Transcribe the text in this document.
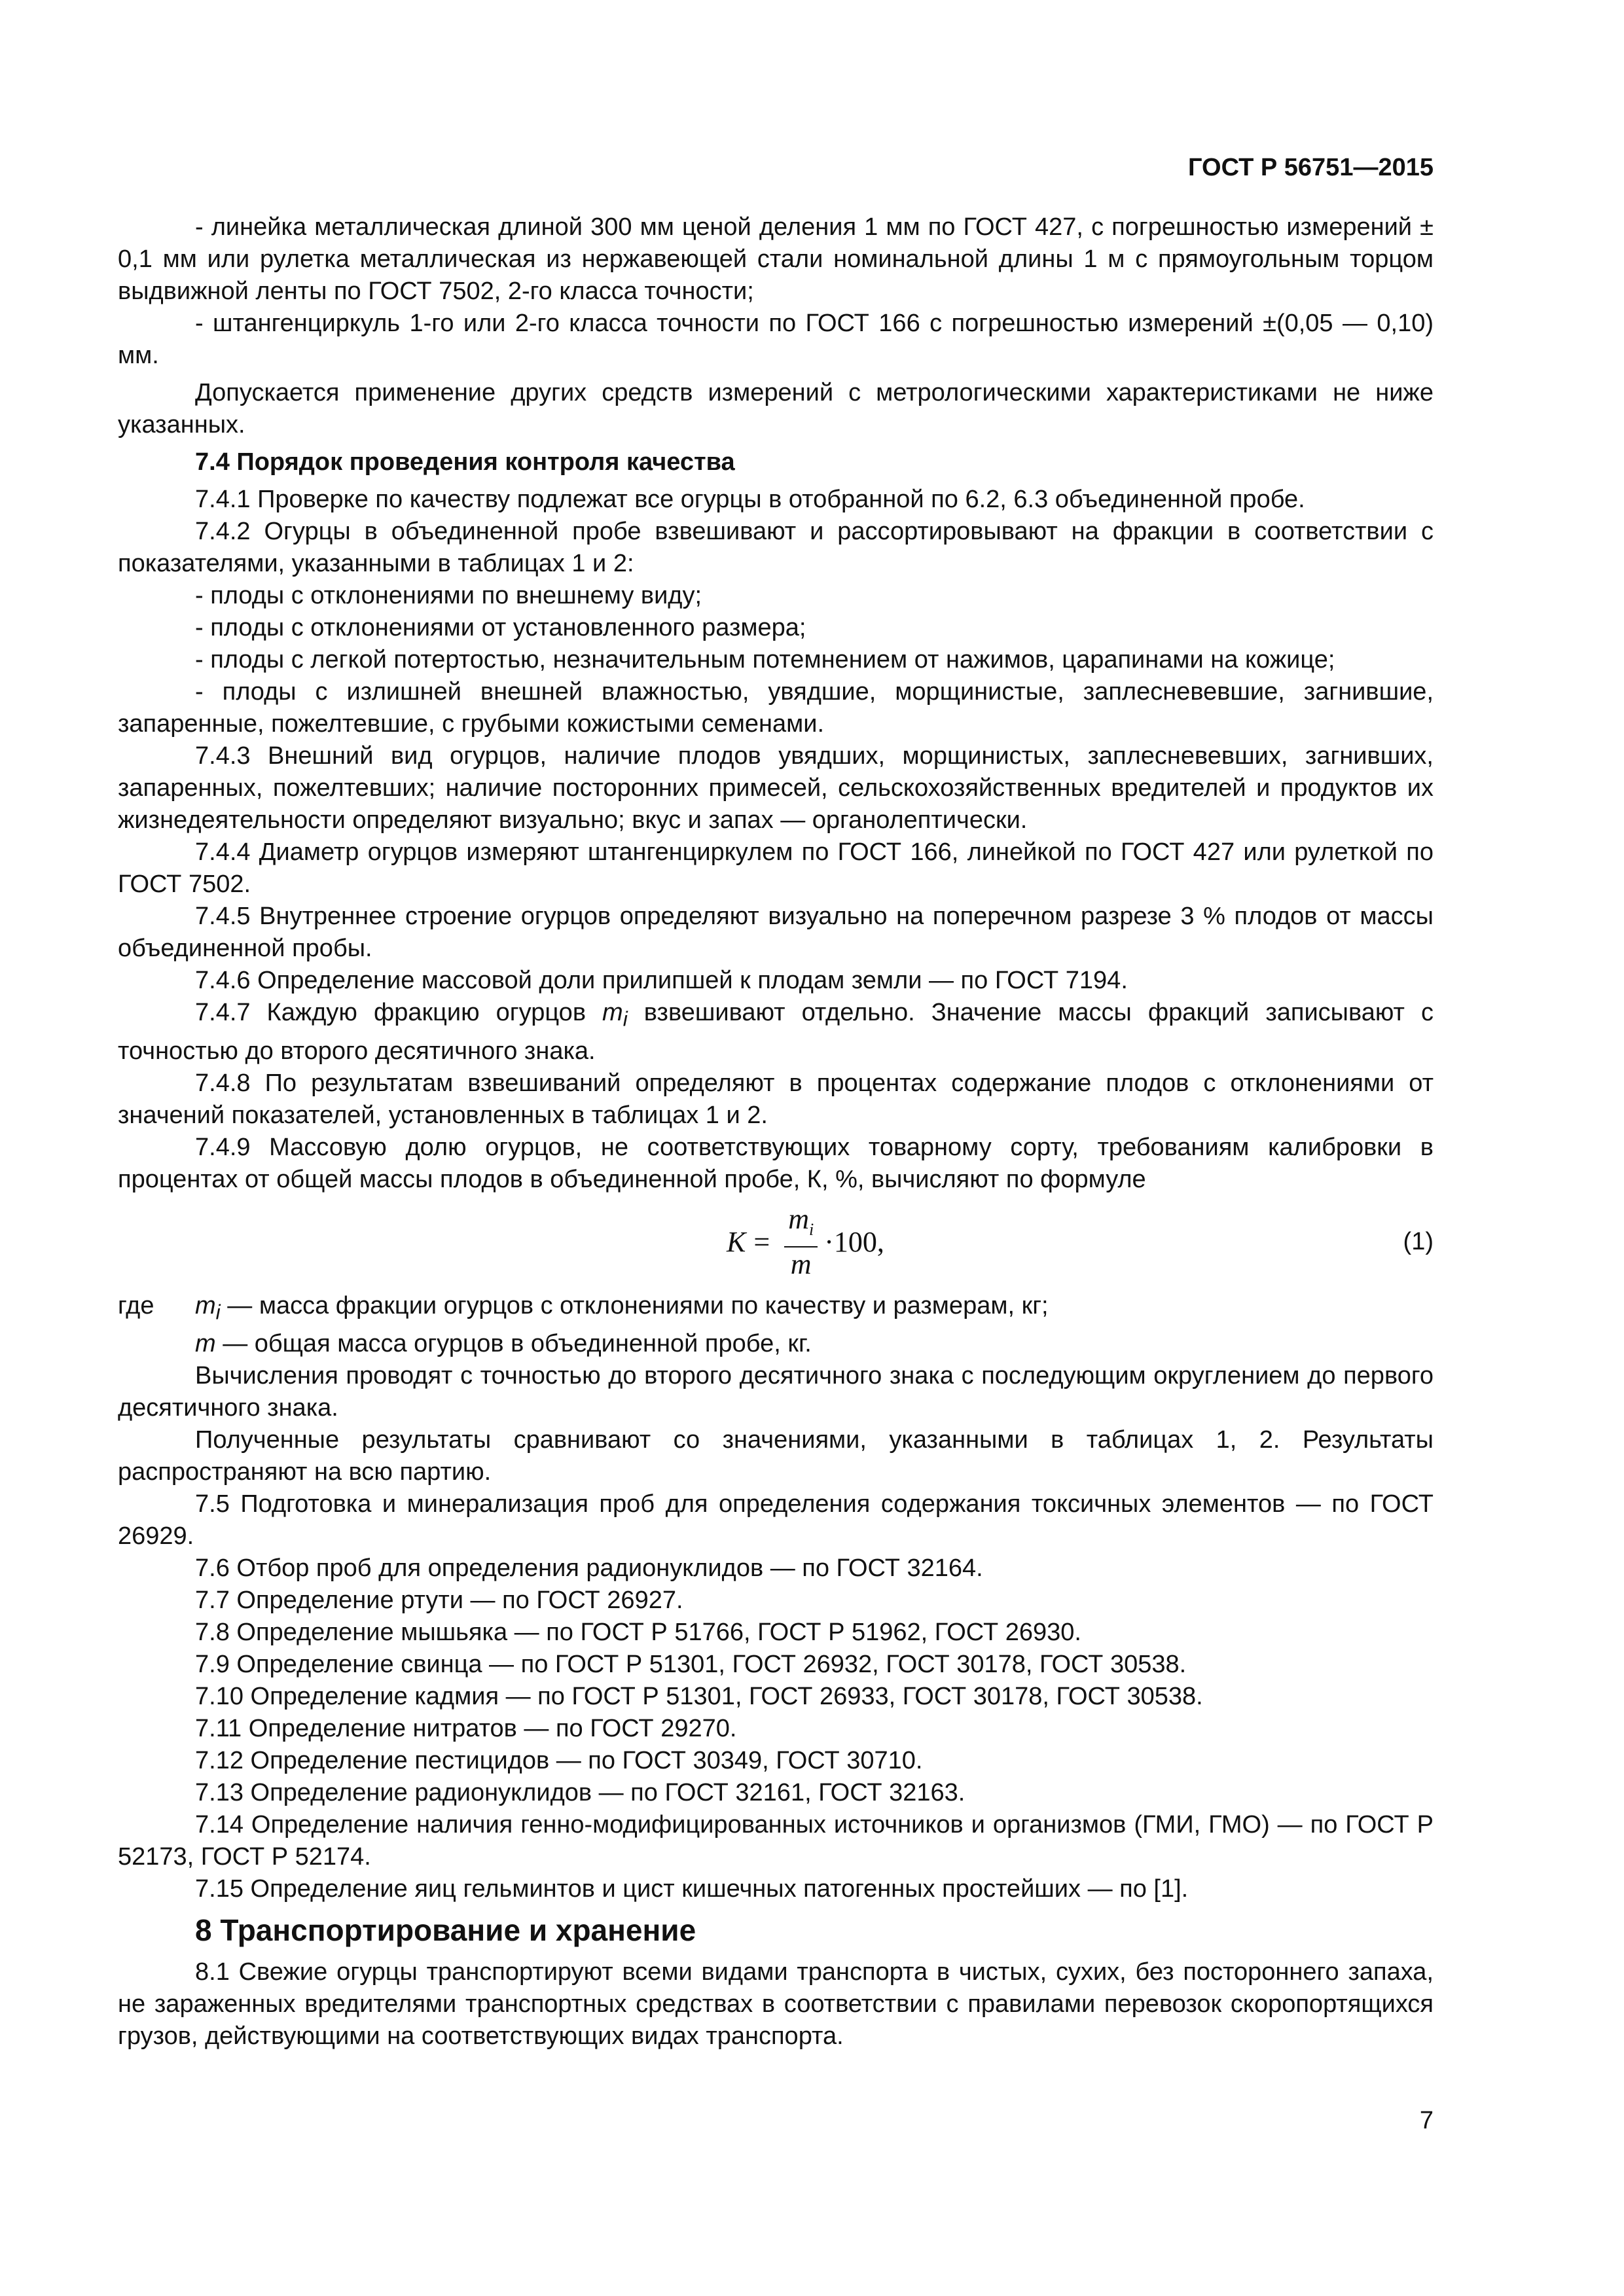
ГОСТ Р 56751—2015

- линейка металлическая длиной 300 мм ценой деления 1 мм по ГОСТ 427, с погрешностью измерений ± 0,1 мм или рулетка металлическая из нержавеющей стали номинальной длины 1 м с прямоугольным торцом выдвижной ленты по ГОСТ 7502, 2-го класса точности;

- штангенциркуль 1-го или 2-го класса точности по ГОСТ 166 с погрешностью измерений ±(0,05 — 0,10) мм.

Допускается применение других средств измерений с метрологическими характеристиками не ниже указанных.

7.4 Порядок проведения контроля качества

7.4.1 Проверке по качеству подлежат все огурцы в отобранной по 6.2, 6.3 объединенной пробе.

7.4.2 Огурцы в объединенной пробе взвешивают и рассортировывают на фракции в соответствии с показателями, указанными в таблицах 1 и 2:

- плоды с отклонениями по внешнему виду;

- плоды с отклонениями от установленного размера;

- плоды с легкой потертостью, незначительным потемнением от нажимов, царапинами на кожице;

- плоды с излишней внешней влажностью, увядшие, морщинистые, заплесневевшие, загнившие, запаренные, пожелтевшие, с грубыми кожистыми семенами.

7.4.3 Внешний вид огурцов, наличие плодов увядших, морщинистых, заплесневевших, загнивших, запаренных, пожелтевших; наличие посторонних примесей, сельскохозяйственных вредителей и продуктов их жизнедеятельности определяют визуально; вкус и запах — органолептически.

7.4.4 Диаметр огурцов измеряют штангенциркулем по ГОСТ 166, линейкой по ГОСТ 427 или рулеткой по ГОСТ 7502.

7.4.5 Внутреннее строение огурцов определяют визуально на поперечном разрезе 3 % плодов от массы объединенной пробы.

7.4.6 Определение массовой доли прилипшей к плодам земли — по ГОСТ 7194.

7.4.7 Каждую фракцию огурцов $m_i$ взвешивают отдельно. Значение массы фракций записывают с точностью до второго десятичного знака.

7.4.8 По результатам взвешиваний определяют в процентах содержание плодов с отклонениями от значений показателей, установленных в таблицах 1 и 2.

7.4.9 Массовую долю огурцов, не соответствующих товарному сорту, требованиям калибровки в процентах от общей массы плодов в объединенной пробе, К, %, вычисляют по формуле

$K = \frac{m_i}{m} \cdot 100$,	(1)
где	$m_i$ — масса фракции огурцов с отклонениями по качеству и размерам, кг;
m — общая масса огурцов в объединенной пробе, кг.

Вычисления проводят с точностью до второго десятичного знака с последующим округлением до первого десятичного знака.

Полученные результаты сравнивают со значениями, указанными в таблицах 1, 2. Результаты распространяют на всю партию.

7.5 Подготовка и минерализация проб для определения содержания токсичных элементов — по ГОСТ 26929.

7.6 Отбор проб для определения радионуклидов — по ГОСТ 32164.

7.7 Определение ртути — по ГОСТ 26927.

7.8 Определение мышьяка — по ГОСТ Р 51766, ГОСТ Р 51962, ГОСТ 26930.

7.9 Определение свинца — по ГОСТ Р 51301, ГОСТ 26932, ГОСТ 30178, ГОСТ 30538.

7.10 Определение кадмия — по ГОСТ Р 51301, ГОСТ 26933, ГОСТ 30178, ГОСТ 30538.

7.11 Определение нитратов — по ГОСТ 29270.

7.12 Определение пестицидов — по ГОСТ 30349, ГОСТ 30710.

7.13 Определение радионуклидов — по ГОСТ 32161, ГОСТ 32163.

7.14 Определение наличия генно-модифицированных источников и организмов (ГМИ, ГМО) — по ГОСТ Р 52173, ГОСТ Р 52174.

7.15 Определение яиц гельминтов и цист кишечных патогенных простейших — по [1].

8 Транспортирование и хранение

8.1 Свежие огурцы транспортируют всеми видами транспорта в чистых, сухих, без постороннего запаха, не зараженных вредителями транспортных средствах в соответствии с правилами перевозок скоропортящихся грузов, действующими на соответствующих видах транспорта.

7
